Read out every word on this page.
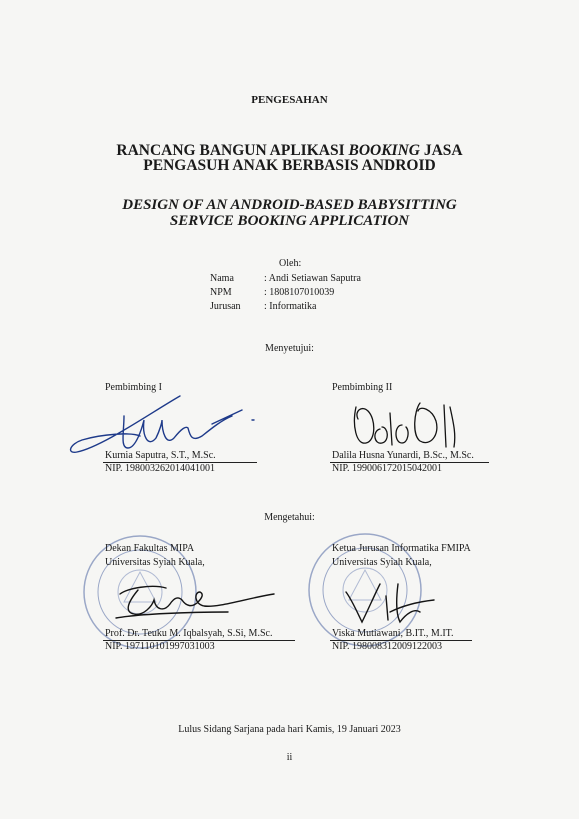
PENGESAHAN
RANCANG BANGUN APLIKASI BOOKING JASA
PENGASUH ANAK BERBASIS ANDROID
DESIGN OF AN ANDROID-BASED BABYSITTING
SERVICE BOOKING APPLICATION
Oleh:
Nama	: Andi Setiawan Saputra
NPM	: 1808107010039
Jurusan : Informatika
Menyetujui:
Pembimbing I	Pembimbing II
Kurnia Saputra, S.T., M.Sc.
NIP. 198003262014041001
Dalila Husna Yunardi, B.Sc., M.Sc.
NIP. 199006172015042001
Mengetahui:
Dekan Fakultas MIPA
Universitas Syiah Kuala,
Ketua Jurusan Informatika FMIPA
Universitas Syiah Kuala,
Prof. Dr. Teuku M. Iqbalsyah, S.Si, M.Sc.
NIP. 197110101997031003
Viska Mutiawani, B.IT., M.IT.
NIP. 198008312009122003
Lulus Sidang Sarjana pada hari Kamis, 19 Januari 2023
ii
